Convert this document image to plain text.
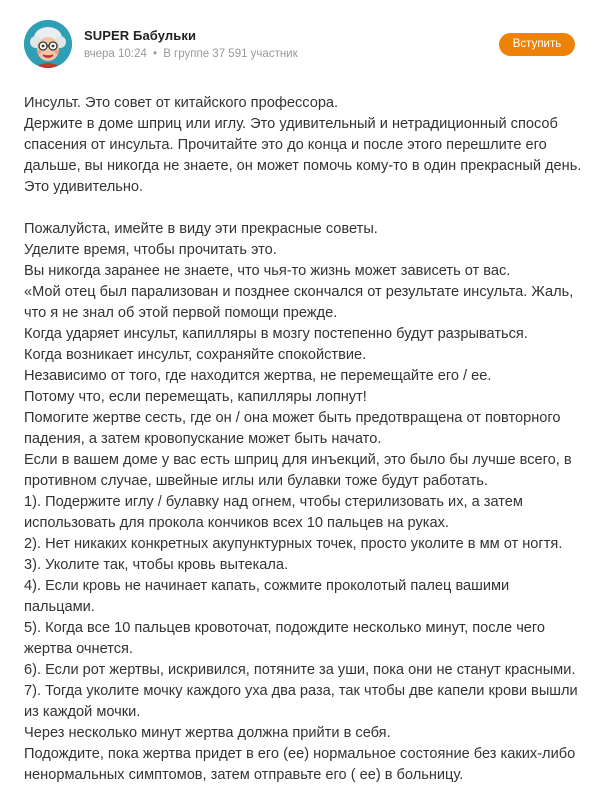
SUPER Бабульки
вчера 10:24 • В группе 37 591 участник
Вступить
Инсульт. Это совет от китайского профессора.
Держите в доме шприц или иглу. Это удивительный и нетрадиционный способ
спасения от инсульта. Прочитайте это до конца и после этого перешлите его
дальше, вы никогда не знаете, он может помочь кому-то в один прекрасный день.
Это удивительно.
Пожалуйста, имейте в виду эти прекрасные советы.
Уделите время, чтобы прочитать это.
Вы никогда заранее не знаете, что чья-то жизнь может зависеть от вас.
«Мой отец был парализован и позднее скончался от результате инсульта. Жаль,
что я не знал об этой первой помощи прежде.
Когда ударяет инсульт, капилляры в мозгу постепенно будут разрываться.
Когда возникает инсульт, сохраняйте спокойствие.
Независимо от того, где находится жертва, не перемещайте его / ее.
Потому что, если перемещать, капилляры лопнут!
Помогите жертве сесть, где он / она может быть предотвращена от повторного
падения, а затем кровопускание может быть начато.
Если в вашем доме у вас есть шприц для инъекций, это было бы лучше всего, в
противном случае, швейные иглы или булавки тоже будут работать.
1). Подержите иглу / булавку над огнем, чтобы стерилизовать их, а затем
использовать для прокола кончиков всех 10 пальцев на руках.
2). Нет никаких конкретных акупунктурных точек, просто уколите в мм от ногтя.
3). Уколите так, чтобы кровь вытекала.
4). Если кровь не начинает капать, сожмите проколотый палец вашими
пальцами.
5). Когда все 10 пальцев кровоточат, подождите несколько минут, после чего
жертва очнется.
6). Если рот жертвы, искривился, потяните за уши, пока они не станут красными.
7). Тогда уколите мочку каждого уха два раза, так чтобы две капели крови вышли
из каждой мочки.
Через несколько минут жертва должна прийти в себя.
Подождите, пока жертва придет в его (ее) нормальное состояние без каких-либо
ненормальных симптомов, затем отправьте его ( ее) в больницу.
